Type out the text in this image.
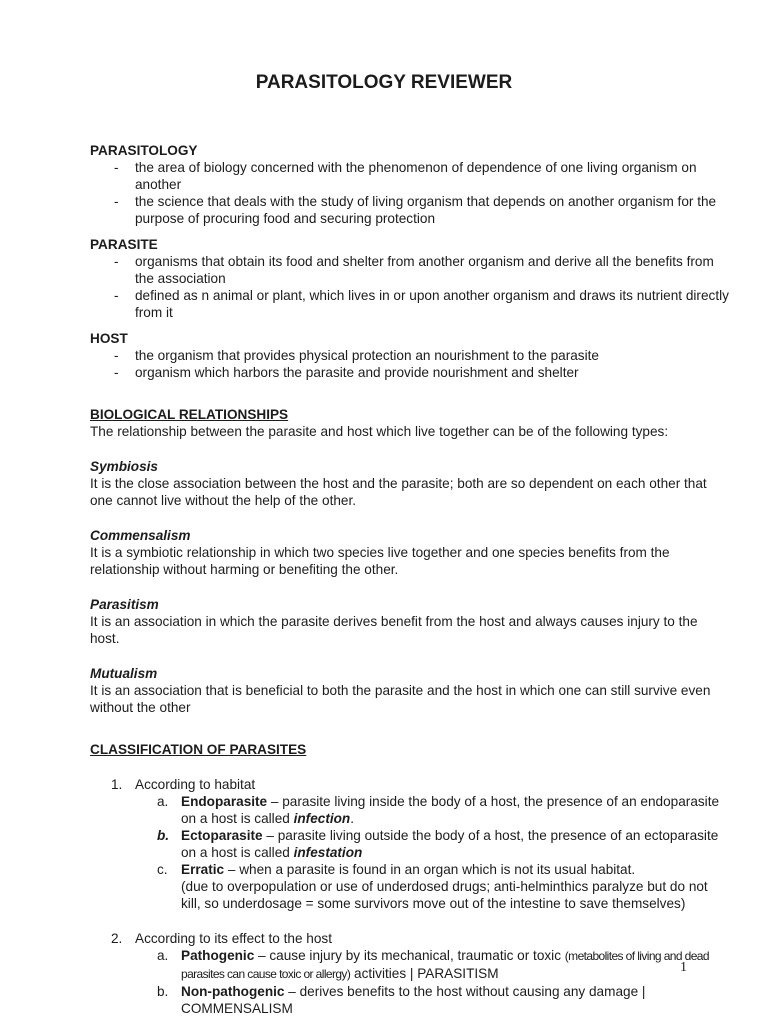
PARASITOLOGY REVIEWER

PARASITOLOGY

- the area of biology concerned with the phenomenon of dependence of one living organism on another
- the science that deals with the study of living organism that depends on another organism for the purpose of procuring food and securing protection

PARASITE

- organisms that obtain its food and shelter from another organism and derive all the benefits from the association
- defined as n animal or plant, which lives in or upon another organism and draws its nutrient directly from it

HOST

- the organism that provides physical protection an nourishment to the parasite
- organism which harbors the parasite and provide nourishment and shelter

BIOLOGICAL RELATIONSHIPS

The relationship between the parasite and host which live together can be of the following types:

Symbiosis

It is the close association between the host and the parasite; both are so dependent on each other that one cannot live without the help of the other.

Commensalism

It is a symbiotic relationship in which two species live together and one species benefits from the relationship without harming or benefiting the other.

Parasitism

It is an association in which the parasite derives benefit from the host and always causes injury to the host.

Mutualism

It is an association that is beneficial to both the parasite and the host in which one can still survive even without the other

CLASSIFICATION OF PARASITES

1. According to habitat
a. Endoparasite – parasite living inside the body of a host, the presence of an endoparasite on a host is called infection.
b. Ectoparasite – parasite living outside the body of a host, the presence of an ectoparasite on a host is called infestation
c. Erratic – when a parasite is found in an organ which is not its usual habitat.
(due to overpopulation or use of underdosed drugs; anti-helminthics paralyze but do not kill, so underdosage = some survivors move out of the intestine to save themselves)
2. According to its effect to the host
a. Pathogenic – cause injury by its mechanical, traumatic or toxic (metabolites of living and dead parasites can cause toxic or allergy) activities | PARASITISM
b. Non-pathogenic – derives benefits to the host without causing any damage | COMMENSALISM
1
